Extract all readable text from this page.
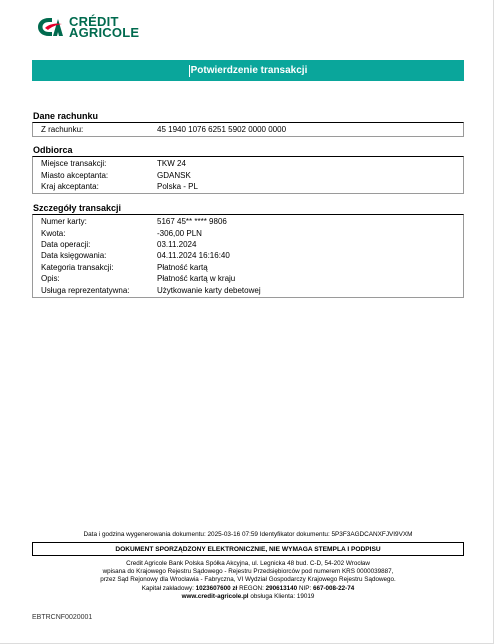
CRÉDIT
AGRICOLE
Potwierdzenie transakcji
Dane rachunku
Z rachunku:	45 1940 1076 6251 5902 0000 0000
Odbiorca
Miejsce transakcji:	TKW 24
Miasto akceptanta:	GDANSK
Kraj akceptanta:	Polska - PL
Szczegóły transakcji
Numer karty:	5167 45** **** 9806
Kwota:	-306,00 PLN
Data operacji:	03.11.2024
Data księgowania:	04.11.2024 16:16:40
Kategoria transakcji:	Płatność kartą
Opis:	Płatność kartą w kraju
Usługa reprezentatywna:	Użytkowanie karty debetowej
Data i godzina wygenerowania dokumentu: 2025-03-16 07:59 Identyfikator dokumentu: 5P3F3AGDCANXFJVI9VXM
DOKUMENT SPORZĄDZONY ELEKTRONICZNIE, NIE WYMAGA STEMPLA I PODPISU
Credit Agricole Bank Polska Spółka Akcyjna, ul. Legnicka 48 bud. C-D, 54-202 Wrocław
wpisana do Krajowego Rejestru Sądowego - Rejestru Przedsiębiorców pod numerem KRS 0000039887,
przez Sąd Rejonowy dla Wrocławia - Fabryczna, VI Wydział Gospodarczy Krajowego Rejestru Sądowego.
Kapitał zakładowy: 1023607600 zł REGON: 290613140 NIP: 667-008-22-74
www.credit-agricole.pl obsługa Klienta: 19019
EBTRCNF0020001
